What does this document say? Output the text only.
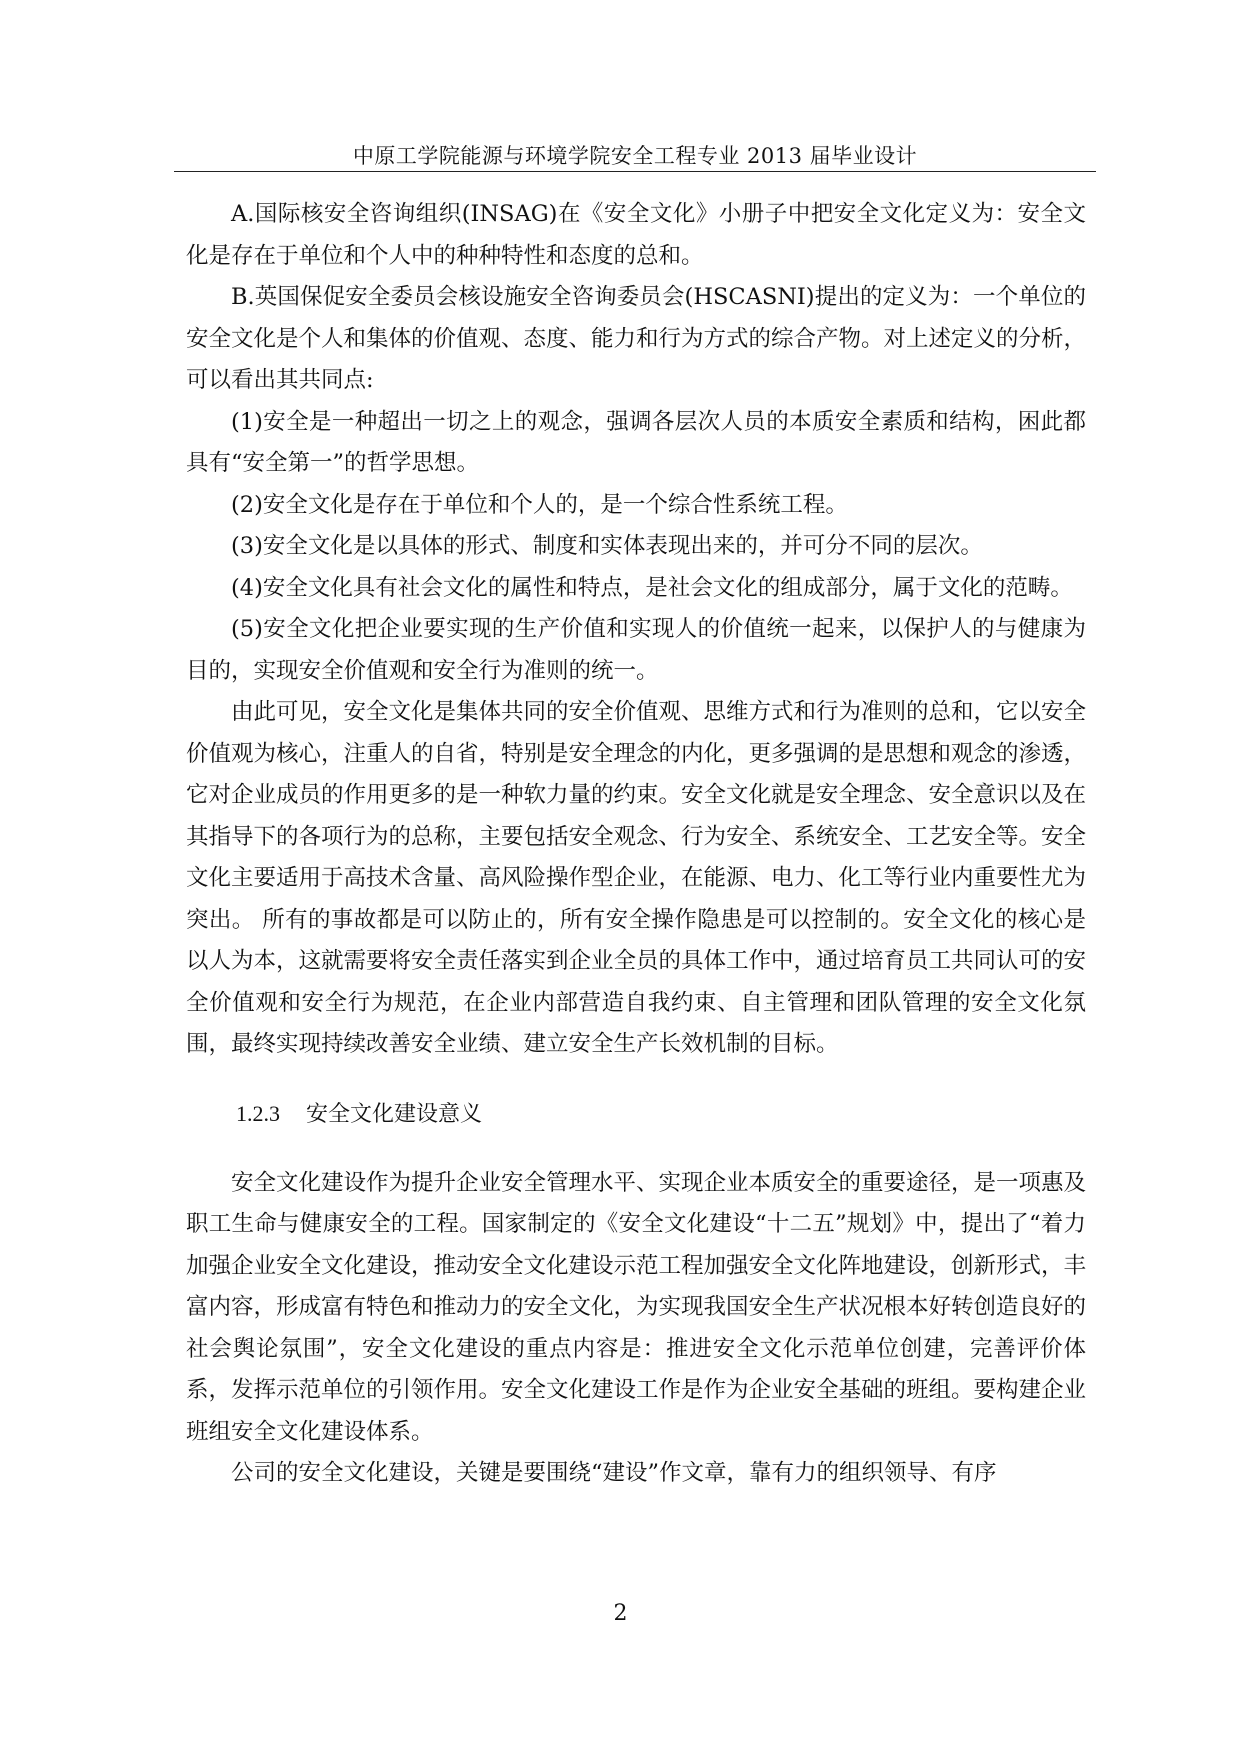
中原工学院能源与环境学院安全工程专业 2013 届毕业设计

A.国际核安全咨询组织(INSAG)在《安全文化》小册子中把安全文化定义为：安全文化是存在于单位和个人中的种种特性和态度的总和。

B.英国保促安全委员会核设施安全咨询委员会(HSCASNI)提出的定义为：一个单位的安全文化是个人和集体的价值观、态度、能力和行为方式的综合产物。对上述定义的分析，可以看出其共同点:

(1)安全是一种超出一切之上的观念，强调各层次人员的本质安全素质和结构，困此都具有“安全第一”的哲学思想。

(2)安全文化是存在于单位和个人的，是一个综合性系统工程。

(3)安全文化是以具体的形式、制度和实体表现出来的，并可分不同的层次。

(4)安全文化具有社会文化的属性和特点，是社会文化的组成部分，属于文化的范畴。

(5)安全文化把企业要实现的生产价值和实现人的价值统一起来，以保护人的与健康为目的，实现安全价值观和安全行为准则的统一。

由此可见，安全文化是集体共同的安全价值观、思维方式和行为准则的总和，它以安全价值观为核心，注重人的自省，特别是安全理念的内化，更多强调的是思想和观念的渗透，它对企业成员的作用更多的是一种软力量的约束。安全文化就是安全理念、安全意识以及在其指导下的各项行为的总称，主要包括安全观念、行为安全、系统安全、工艺安全等。安全文化主要适用于高技术含量、高风险操作型企业，在能源、电力、化工等行业内重要性尤为突出。 所有的事故都是可以防止的，所有安全操作隐患是可以控制的。安全文化的核心是以人为本，这就需要将安全责任落实到企业全员的具体工作中，通过培育员工共同认可的安全价值观和安全行为规范，在企业内部营造自我约束、自主管理和团队管理的安全文化氛围，最终实现持续改善安全业绩、建立安全生产长效机制的目标。

1.2.3 安全文化建设意义

安全文化建设作为提升企业安全管理水平、实现企业本质安全的重要途径，是一项惠及职工生命与健康安全的工程。国家制定的《安全文化建设“十二五”规划》中，提出了“着力加强企业安全文化建设，推动安全文化建设示范工程加强安全文化阵地建设，创新形式，丰富内容，形成富有特色和推动力的安全文化，为实现我国安全生产状况根本好转创造良好的社会舆论氛围”，安全文化建设的重点内容是：推进安全文化示范单位创建，完善评价体系，发挥示范单位的引领作用。安全文化建设工作是作为企业安全基础的班组。要构建企业班组安全文化建设体系。

公司的安全文化建设，关键是要围绕“建设”作文章，靠有力的组织领导、有序

2
